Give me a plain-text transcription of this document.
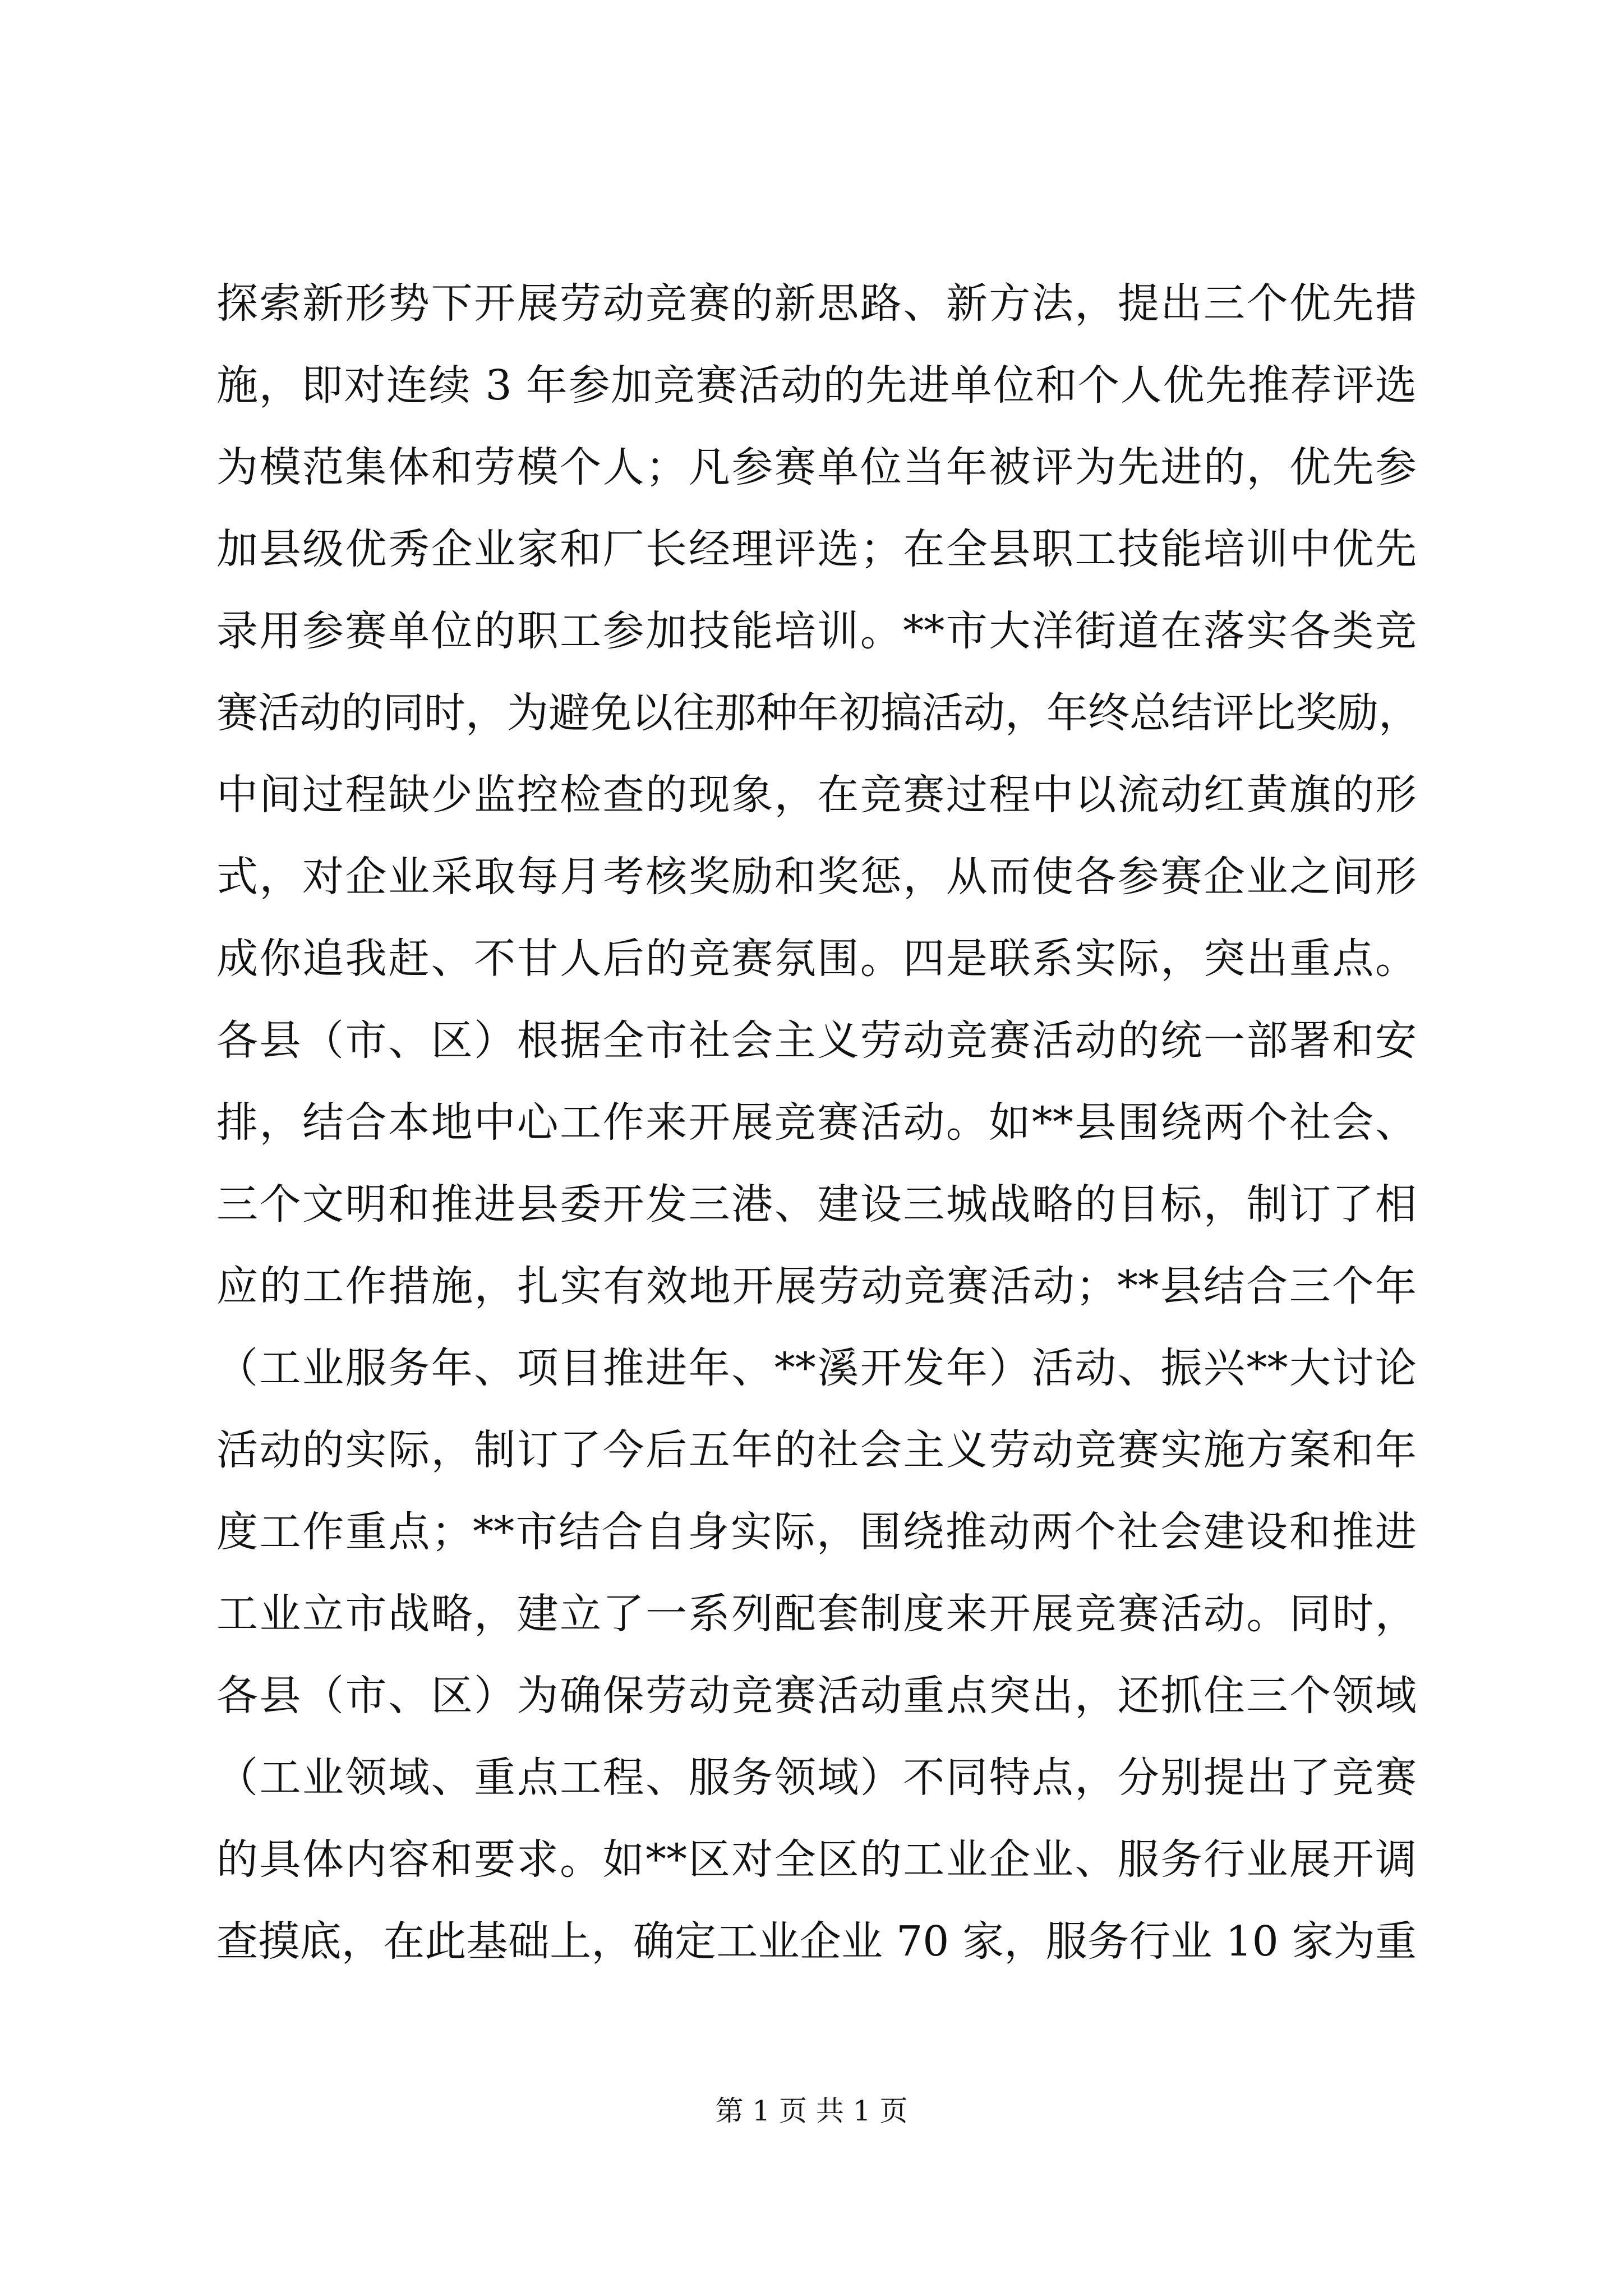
探索新形势下开展劳动竞赛的新思路、新方法，提出三个优先措
施，即对连续 3 年参加竞赛活动的先进单位和个人优先推荐评选
为模范集体和劳模个人；凡参赛单位当年被评为先进的，优先参
加县级优秀企业家和厂长经理评选；在全县职工技能培训中优先
录用参赛单位的职工参加技能培训。**市大洋街道在落实各类竞
赛活动的同时，为避免以往那种年初搞活动，年终总结评比奖励，
中间过程缺少监控检查的现象，在竞赛过程中以流动红黄旗的形
式，对企业采取每月考核奖励和奖惩，从而使各参赛企业之间形
成你追我赶、不甘人后的竞赛氛围。四是联系实际，突出重点。
各县（市、区）根据全市社会主义劳动竞赛活动的统一部署和安
排，结合本地中心工作来开展竞赛活动。如**县围绕两个社会、
三个文明和推进县委开发三港、建设三城战略的目标，制订了相
应的工作措施，扎实有效地开展劳动竞赛活动；**县结合三个年
（工业服务年、项目推进年、**溪开发年）活动、振兴**大讨论
活动的实际，制订了今后五年的社会主义劳动竞赛实施方案和年
度工作重点；**市结合自身实际，围绕推动两个社会建设和推进
工业立市战略，建立了一系列配套制度来开展竞赛活动。同时，
各县（市、区）为确保劳动竞赛活动重点突出，还抓住三个领域
（工业领域、重点工程、服务领域）不同特点，分别提出了竞赛
的具体内容和要求。如**区对全区的工业企业、服务行业展开调
查摸底，在此基础上，确定工业企业 70 家，服务行业 10 家为重
第 1 页 共 1 页
